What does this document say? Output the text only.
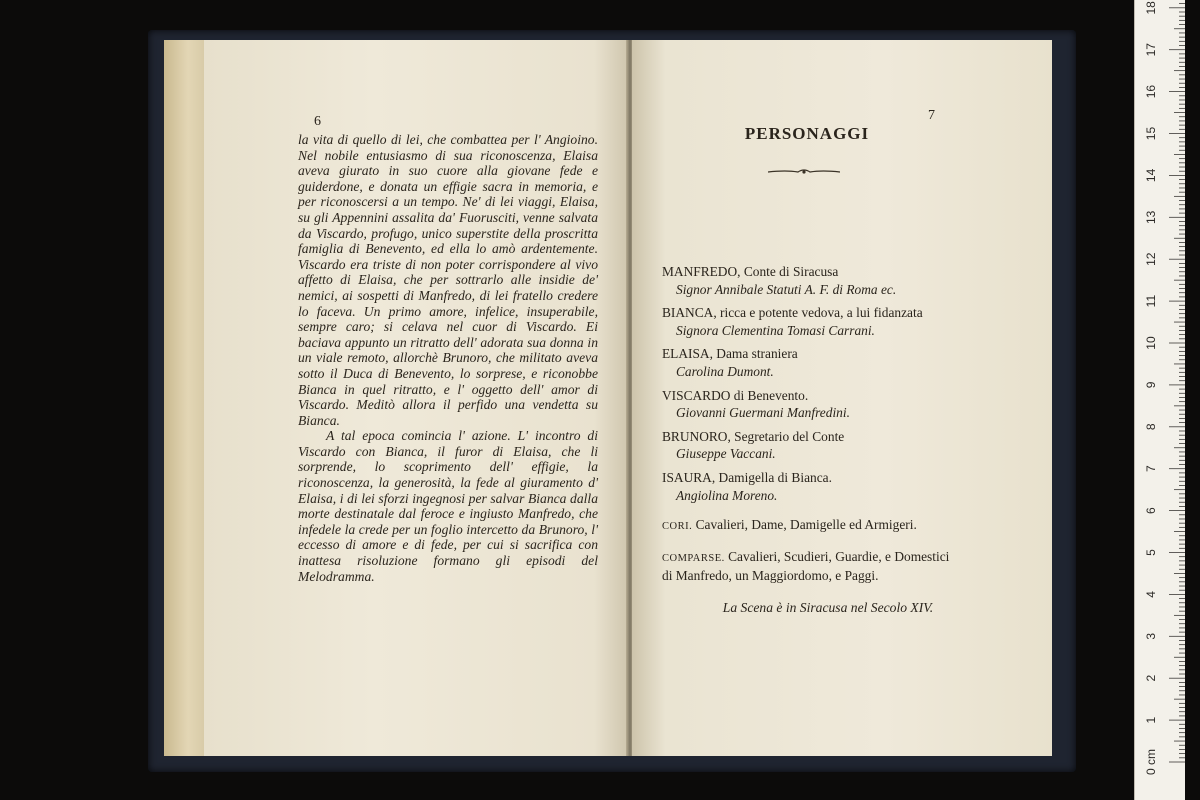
6

la vita di quello di lei, che combattea per l' Angioino. Nel nobile entusiasmo di sua riconoscenza, Elaisa aveva giurato in suo cuore alla giovane fede e guiderdone, e donata un effigie sacra in memoria, e per riconoscersi a un tempo. Ne' di lei viaggi, Elaisa, su gli Appennini assalita da' Fuorusciti, venne salvata da Viscardo, profugo, unico superstite della proscritta famiglia di Benevento, ed ella lo amò ardentemente. Viscardo era triste di non poter corrispondere al vivo affetto di Elaisa, che per sottrarlo alle insidie de' nemici, ai sospetti di Manfredo, di lei fratello credere lo faceva. Un primo amore, infelice, insuperabile, sempre caro; si celava nel cuor di Viscardo. Ei baciava appunto un ritratto dell' adorata sua donna in un viale remoto, allorchè Brunoro, che militato aveva sotto il Duca di Benevento, lo sorprese, e riconobbe Bianca in quel ritratto, e l' oggetto dell' amor di Viscardo. Meditò allora il perfido una vendetta su Bianca.

A tal epoca comincia l' azione. L' incontro di Viscardo con Bianca, il furor di Elaisa, che li sorprende, lo scoprimento dell' effigie, la riconoscenza, la generosità, la fede al giuramento d' Elaisa, i di lei sforzi ingegnosi per salvar Bianca dalla morte destinatale dal feroce e ingiusto Manfredo, che infedele la crede per un foglio intercetto da Brunoro, l' eccesso di amore e di fede, per cui si sacrifica con inattesa risoluzione formano gli episodi del Melodramma.

7
PERSONAGGI
MANFREDO, Conte di Siracusa
Signor Annibale Statuti A. F. di Roma ec.
BIANCA, ricca e potente vedova, a lui fidanzata
Signora Clementina Tomasi Carrani.
ELAISA, Dama straniera
Carolina Dumont.
VISCARDO di Benevento.
Giovanni Guermani Manfredini.
BRUNORO, Segretario del Conte
Giuseppe Vaccani.
ISAURA, Damigella di Bianca.
Angiolina Moreno.
CORI. Cavalieri, Dame, Damigelle ed Armigeri.
COMPARSE. Cavalieri, Scudieri, Guardie, e Domestici di Manfredo, un Maggiordomo, e Paggi.
La Scena è in Siracusa nel Secolo XIV.
0 cm
1
2
3
4
5
6
7
8
9
10
11
12
13
14
15
16
17
18
